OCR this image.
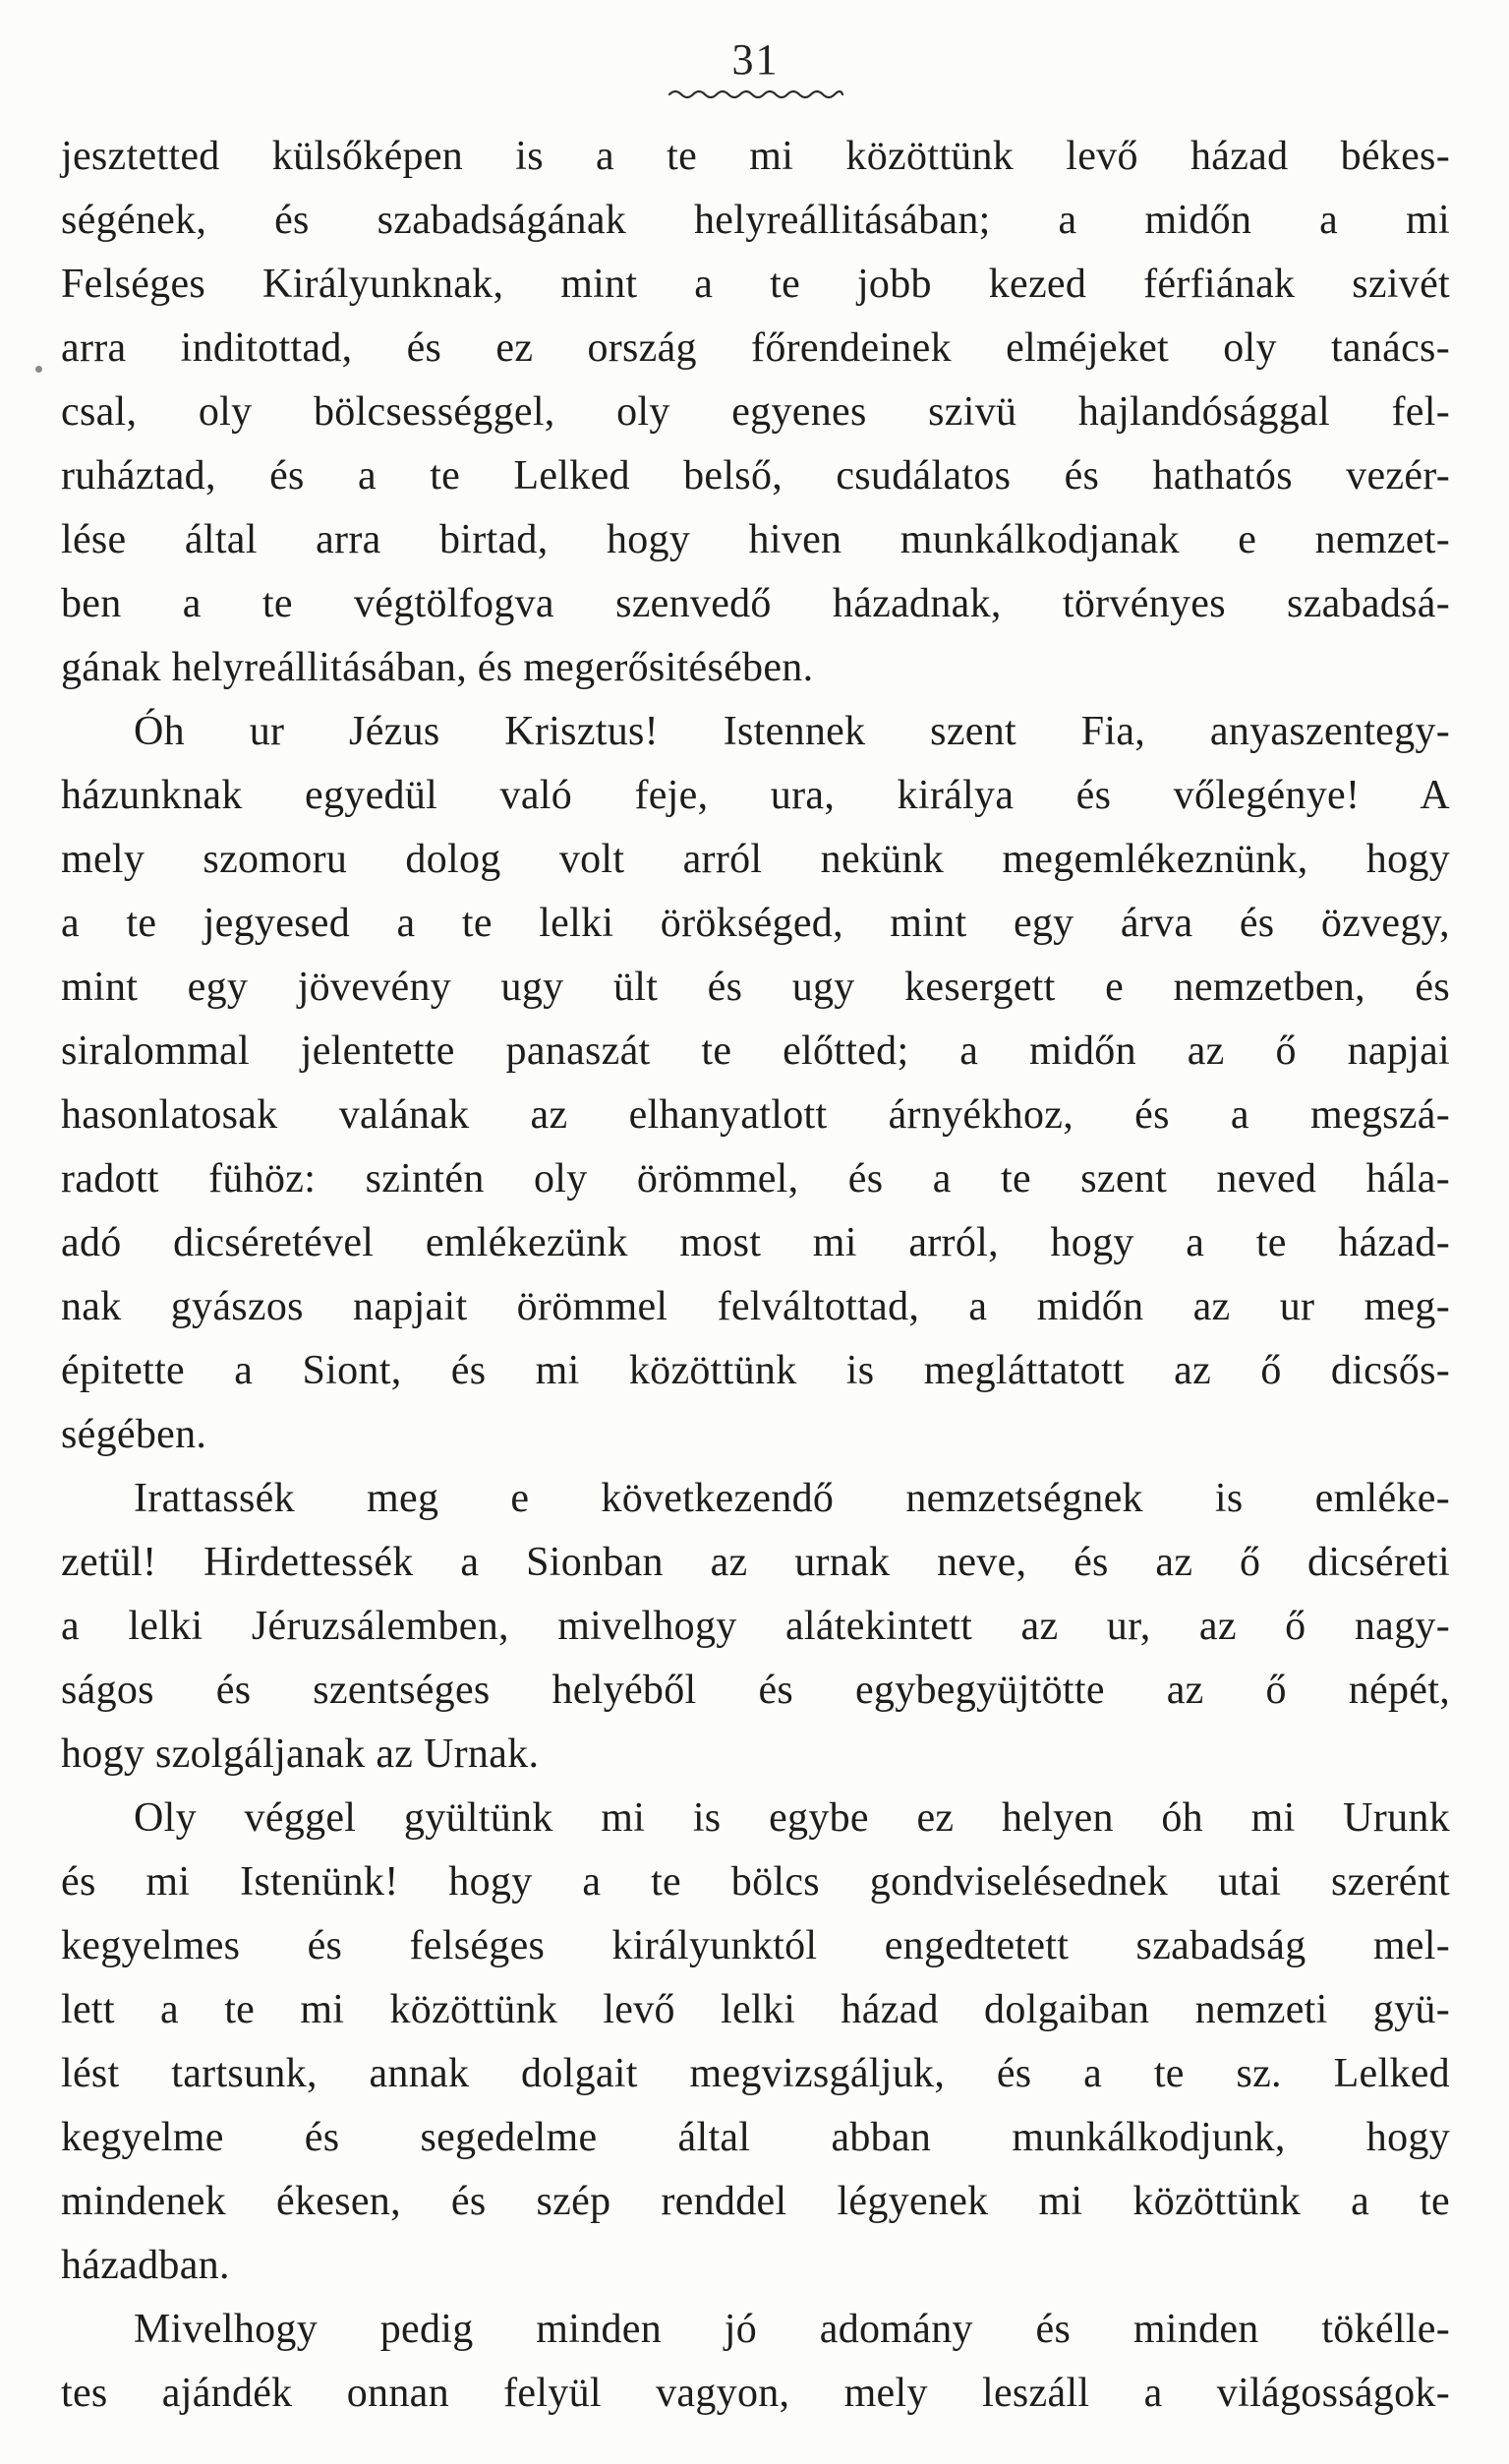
31
jesztetted külsőképen is a te mi közöttünk levő házad békes-
ségének, és szabadságának helyreállitásában; a midőn a mi
Felséges Királyunknak, mint a te jobb kezed férfiának szivét
arra inditottad, és ez ország főrendeinek elméjeket oly tanács-
csal, oly bölcsességgel, oly egyenes szivü hajlandósággal fel-
ruháztad, és a te Lelked belső, csudálatos és hathatós vezér-
lése által arra birtad, hogy hiven munkálkodjanak e nemzet-
ben a te végtölfogva szenvedő házadnak, törvényes szabadsá-
gának helyreállitásában, és megerősitésében.
Óh ur Jézus Krisztus! Istennek szent Fia, anyaszentegy-
házunknak egyedül való feje, ura, királya és vőlegénye! A
mely szomoru dolog volt arról nekünk megemlékeznünk, hogy
a te jegyesed a te lelki örökséged, mint egy árva és özvegy,
mint egy jövevény ugy ült és ugy kesergett e nemzetben, és
siralommal jelentette panaszát te előtted; a midőn az ő napjai
hasonlatosak valának az elhanyatlott árnyékhoz, és a megszá-
radott fühöz: szintén oly örömmel, és a te szent neved hála-
adó dicséretével emlékezünk most mi arról, hogy a te házad-
nak gyászos napjait örömmel felváltottad, a midőn az ur meg-
épitette a Siont, és mi közöttünk is megláttatott az ő dicsős-
ségében.
Irattassék meg e következendő nemzetségnek is emléke-
zetül! Hirdettessék a Sionban az urnak neve, és az ő dicséreti
a lelki Jéruzsálemben, mivelhogy alátekintett az ur, az ő nagy-
ságos és szentséges helyéből és egybegyüjtötte az ő népét,
hogy szolgáljanak az Urnak.
Oly véggel gyültünk mi is egybe ez helyen óh mi Urunk
és mi Istenünk! hogy a te bölcs gondviselésednek utai szerént
kegyelmes és felséges királyunktól engedtetett szabadság mel-
lett a te mi közöttünk levő lelki házad dolgaiban nemzeti gyü-
lést tartsunk, annak dolgait megvizsgáljuk, és a te sz. Lelked
kegyelme és segedelme által abban munkálkodjunk, hogy
mindenek ékesen, és szép renddel légyenek mi közöttünk a te
házadban.
Mivelhogy pedig minden jó adomány és minden tökélle-
tes ajándék onnan felyül vagyon, mely leszáll a világosságok-
